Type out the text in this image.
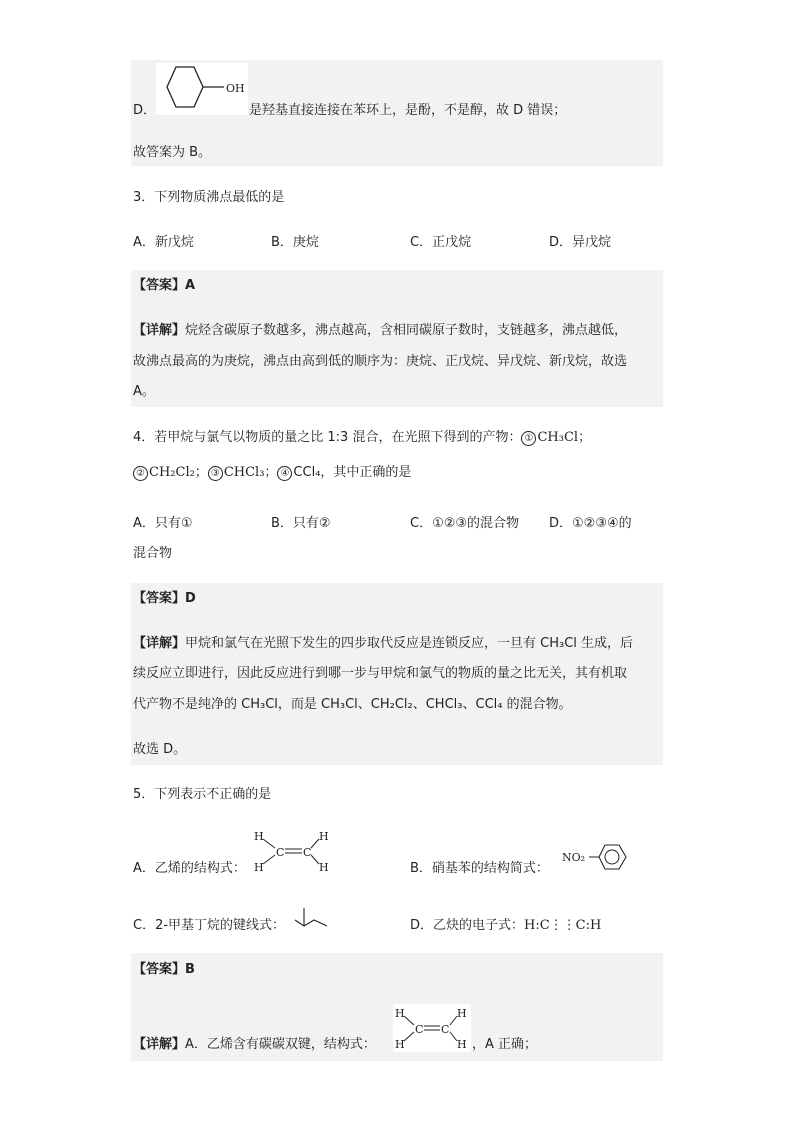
D．
OH
是羟基直接连接在苯环上，是酚，不是醇，故 D 错误；
故答案为 B。
3．下列物质沸点最低的是
A．新戊烷	B．庚烷	C．正戊烷	D．异戊烷
【答案】A
【详解】烷烃含碳原子数越多，沸点越高，含相同碳原子数时，支链越多，沸点越低，
故沸点最高的为庚烷，沸点由高到低的顺序为：庚烷、正戊烷、异戊烷、新戊烷，故选
A。
4．若甲烷与氯气以物质的量之比 1:3 混合，在光照下得到的产物： ① CH₃Cl；
② CH₂Cl₂； ③ CHCl₃； ④ CCl₄，其中正确的是
A．只有①	B．只有②	C．①②③的混合物 D．①②③④的
混合物
【答案】D
【详解】甲烷和氯气在光照下发生的四步取代反应是连锁反应，一旦有 CH₃Cl 生成，后
续反应立即进行，因此反应进行到哪一步与甲烷和氯气的物质的量之比无关，其有机取
代产物不是纯净的 CH₃Cl，而是 CH₃Cl、CH₂Cl₂、CHCl₃、CCl₄ 的混合物。
故选 D。
5．下列表示不正确的是
A．乙烯的结构式：
H
H
H
H
C C
B．硝基苯的结构简式：
NO₂
C．2-甲基丁烷的键线式：	D．乙炔的电子式：H:C⋮⋮C:H
【答案】B
【详解】A．乙烯含有碳碳双键，结构式：
H
H
H
H
C C
，A 正确；
